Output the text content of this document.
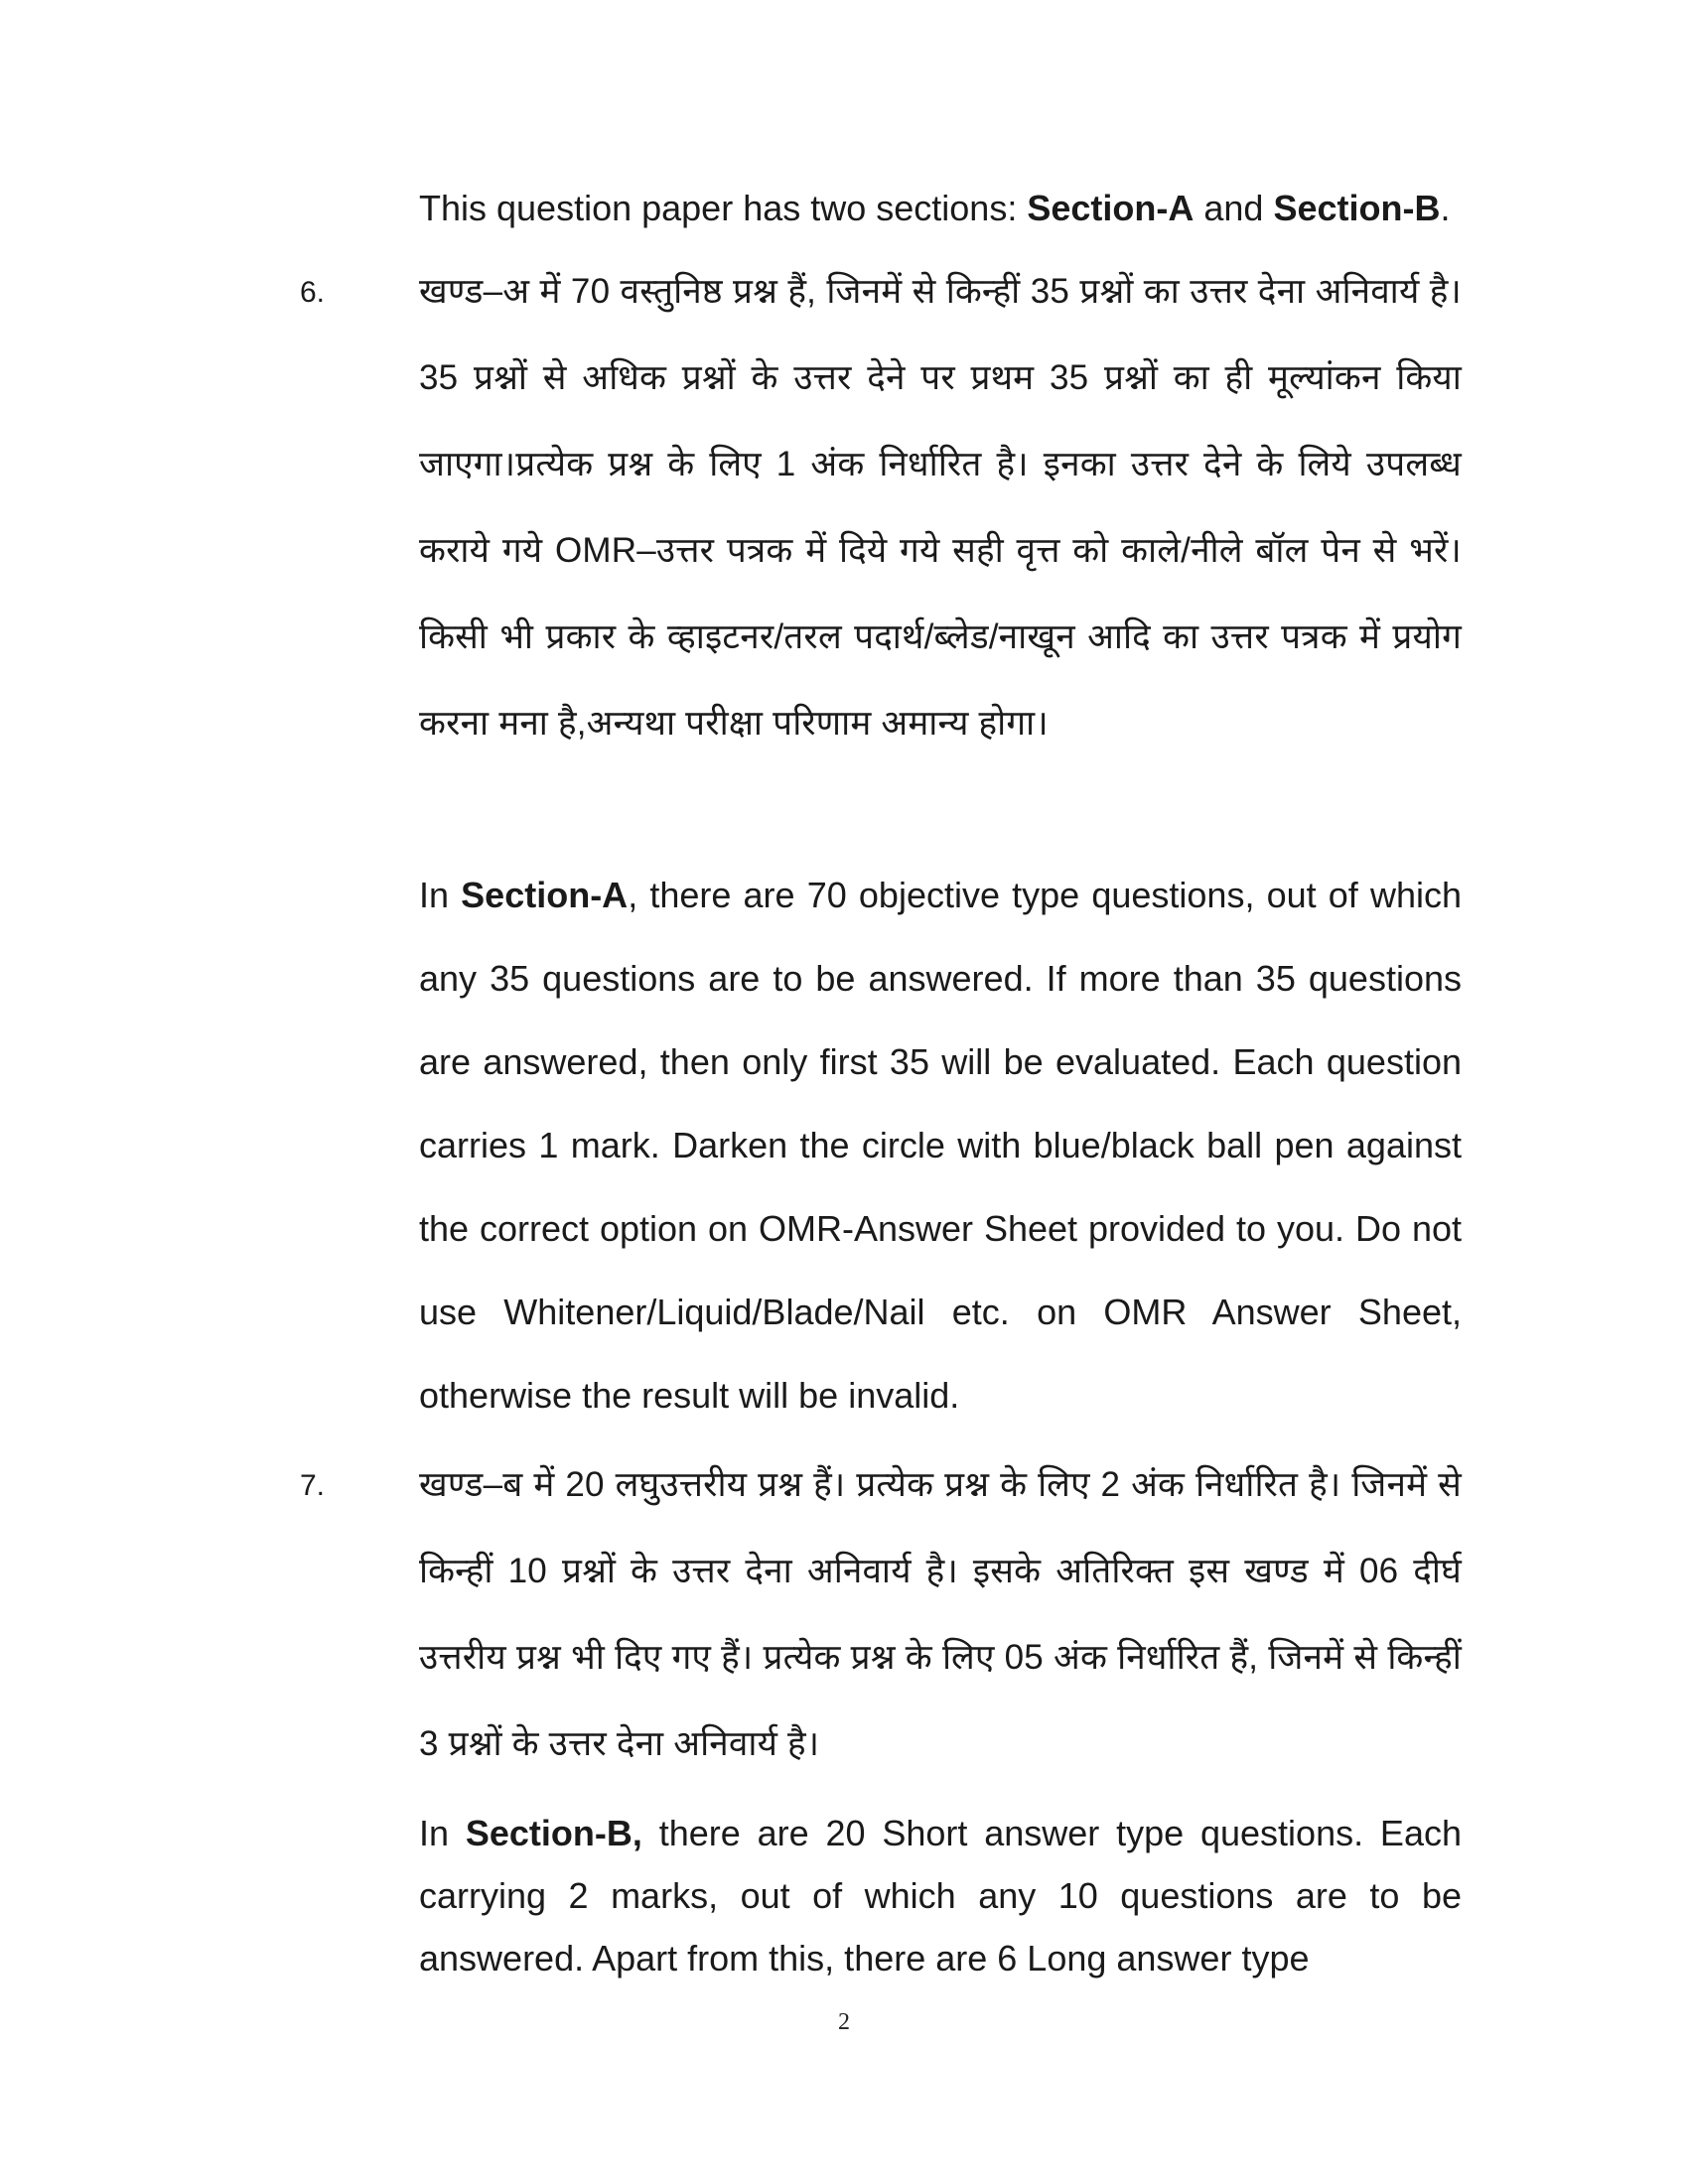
This question paper has two sections: Section-A and Section-B.
6.	खण्ड–अ में 70 वस्तुनिष्ठ प्रश्न हैं, जिनमें से किन्हीं 35 प्रश्नों का उत्तर देना अनिवार्य है। 35 प्रश्नों से अधिक प्रश्नों के उत्तर देने पर प्रथम 35 प्रश्नों का ही मूल्यांकन किया जाएगा।प्रत्येक प्रश्न के लिए 1 अंक निर्धारित है। इनका उत्तर देने के लिये उपलब्ध कराये गये OMR–उत्तर पत्रक में दिये गये सही वृत्त को काले/नीले बॉल पेन से भरें। किसी भी प्रकार के व्हाइटनर/तरल पदार्थ/ब्लेड/नाखून आदि का उत्तर पत्रक में प्रयोग करना मना है,अन्यथा परीक्षा परिणाम अमान्य होगा।
In Section-A, there are 70 objective type questions, out of which any 35 questions are to be answered. If more than 35 questions are answered, then only first 35 will be evaluated. Each question carries 1 mark. Darken the circle with blue/black ball pen against the correct option on OMR-Answer Sheet provided to you. Do not use Whitener/Liquid/Blade/Nail etc. on OMR Answer Sheet, otherwise the result will be invalid.
7.	खण्ड–ब में 20 लघुउत्तरीय प्रश्न हैं। प्रत्येक प्रश्न के लिए 2 अंक निर्धारित है। जिनमें से किन्हीं 10 प्रश्नों के उत्तर देना अनिवार्य है। इसके अतिरिक्त इस खण्ड में 06 दीर्घ उत्तरीय प्रश्न भी दिए गए हैं। प्रत्येक प्रश्न के लिए 05 अंक निर्धारित हैं, जिनमें से किन्हीं 3 प्रश्नों के उत्तर देना अनिवार्य है।
In Section-B, there are 20 Short answer type questions. Each carrying 2 marks, out of which any 10 questions are to be answered. Apart from this, there are 6 Long answer type
2
